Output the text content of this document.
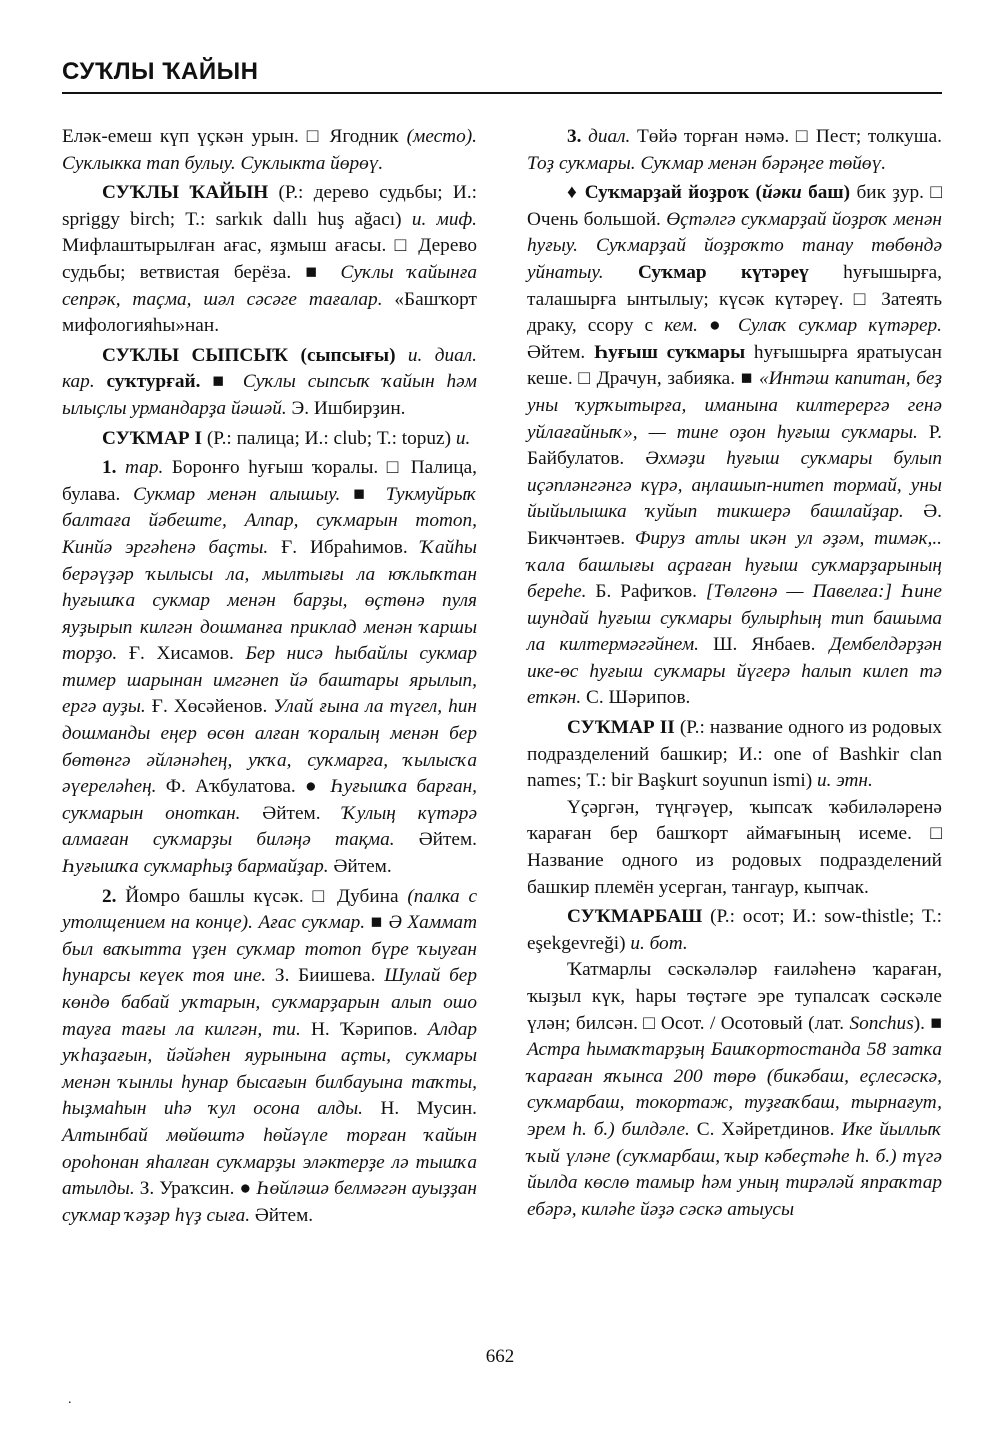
СУҠЛЫ ҠАЙЫН

Еләк-емеш күп үҫкән урын. □ Ягодник (место). Суклыкка тап булыу. Суклыкта йөрөү.

СУҠЛЫ ҠАЙЫН (Р.: дерево судьбы; И.: spriggy birch; Т.: sarkık dallı huş ağacı) и. миф. Мифлаштырылған ағас, яҙмыш ағасы. □ Дерево судьбы; ветвистая берёза. ■ Суҡлы ҡайынға сепрәк, таҫма, шәл сәсәге тағалар. «Башҡорт мифологияһы»нан.

СУҠЛЫ СЫПСЫҠ (сыпсығы) и. диал. кар. суҡтурғай. ■ Суҡлы сыпсыҡ ҡайын һәм ылыҫлы урмандарҙа йәшәй. Э. Ишбирҙин.

СУҠМАР I (Р.: палица; И.: club; Т.: topuz) и.

1. тар. Боронғо һуғыш ҡоралы. □ Палица, булава. Сукмар менән алышыу. ■ Тукмуйрыҡ балтаға йәбеште, Алпар, суҡмарын тотоп, Кинйә эргәһенә баҫты. Ғ. Ибраһимов. Ҡайһы берәүҙәр ҡылысы ла, мылтығы ла юҡлыҡтан һуғышҡа сукмар менән барҙы, өҫтөнә пуля яуҙырып килгән дошманға приклад менән ҡаршы торҙо. Ғ. Хисамов. Бер нисә һыбайлы сукмар тимер шарынан имгәнеп йә баштары ярылып, ергә ауҙы. Ғ. Хөсәйенов. Улай ғына ла түгел, һин дошманды еңер өсөн алған ҡоралың менән бер бөтөнгә әйләнәһең, уҡҡа, суҡмарға, ҡылысҡа әүерeләһең. Ф. Аҡбулатова. ● Һуғышҡа барған, суҡмарын оноткан. Әйтем. Ҡулың күтәрә алмаған суҡмарҙы биләңә тақма. Әйтем. Һуғышҡа суҡмарһыҙ бармайҙар. Әйтем.

2. Йомро башлы күсәк. □ Дубина (палка с утолщением на конце). Ағас суҡмар. ■ Ә Хаммат был ваҡытта үҙен суҡмар тотоп бүре ҡыуған һунарсы кеүек тоя ине. З. Биишева. Шулай бер көндө бабай уҡтарын, суҡмарҙарын алып ошо тауға тағы ла килгән, ти. Н. Ҡәрипов. Алдар уҡһаҙағын, йәйәһен яурынына аҫты, суҡмары менән ҡынлы һунар бысағын билбауына таҡты, һыҙмаһын иһә ҡул осона алды. Н. Мусин. Алтынбай мөйөштә һөйәүле торған ҡайын ороһонан яһалған суҡмарҙы эләктерҙе лә тышҡа атылды. З. Ураҡсин. ● Һөйләшә белмәгән ауыҙҙан суҡмар ҡәҙәр һүҙ сыға. Әйтем.

3. диал. Төйә торған нәмә. □ Пест; толкуша. Тоҙ суҡмары. Суҡмар менән бәрәңге төйөү.

♦ Суҡмарҙай йоҙроҡ (йәки баш) бик ҙур. □ Очень большой. Өҫтәлгә суҡмарҙай йоҙроҡ менән һуғыу. Суҡмарҙай йоҙроҡто танау төбөндә уйнатыу. Суҡмар күтәреү һуғышырға, талашырға ынтылыу; күсәк күтәреү. □ Затеять драку, ссору с кем. ● Сулаҡ суҡмар күтәрер. Әйтем. Һуғыш суҡмары һуғышырға яратыусан кеше. □ Драчун, забияка. ■ «Интәш капитан, беҙ уны ҡурҡытырға, иманына килтерергә генә уйлағайныҡ», — тине оҙон һуғыш суҡмары. Р. Байбулатов. Әхмәҙи һуғыш суҡмары булып иҫәпләнгәнгә күрә, аңлашып-нитеп тормай, уны йыйылышка ҡуйып тикшерә башлайҙар. Ә. Бикчәнтәев. Фируз атлы икән ул әҙәм, тимәк,.. ҡала башлығы аҫраған һуғыш суҡмарҙарының береһе. Б. Рафиҡов. [Төлгөнә — Павелға:] Һине шундай һуғыш суҡмары булырһың тип башыма ла килтермәгәйнем. Ш. Янбаев. Дембелдәрҙән ике-өс һуғыш суҡмары йүгерә һалып килеп тә еткән. С. Шәрипов.

СУҠМАР II (Р.: название одного из родовых подразделений башкир; И.: one of Bashkir clan names; Т.: bir Başkurt soyunun ismi) и. этн.

Үҫәргән, түңгәүер, ҡыпсаҡ ҡәбиләләренә ҡараған бер башҡорт аймағының исеме. □ Название одного из родовых подразделений башкир племён усерган, тангаур, кыпчак.

СУҠМАРБАШ (Р.: осот; И.: sow-thistle; Т.: eşekgevreği) и. бот.

Ҡатмарлы сәскәләләр ғаиләһенә ҡараған, ҡыҙыл күк, һары төҫтәге эре тупалсаҡ сәскәле үлән; билсән. □ Осот. / Осотовый (лат. Sonchus). ■ Астра һымаҡтарҙың Башҡортостанда 58 заткa ҡараған яҡынса 200 төрө (бикәбаш, еҫлесәскә, суҡмарбаш, токортаж, туҙғаҡбаш, тырнағут, эрем һ. б.) билдәле. С. Хәйретдинов. Ике йыллыҡ ҡый үләне (суҡмарбаш, ҡыр кәбеҫтәһе һ. б.) түгә йылда көслө тамыр һәм уның тирәләй япраҡтар ебәрә, киләһе йәҙә сәскә атыусы

662
.
